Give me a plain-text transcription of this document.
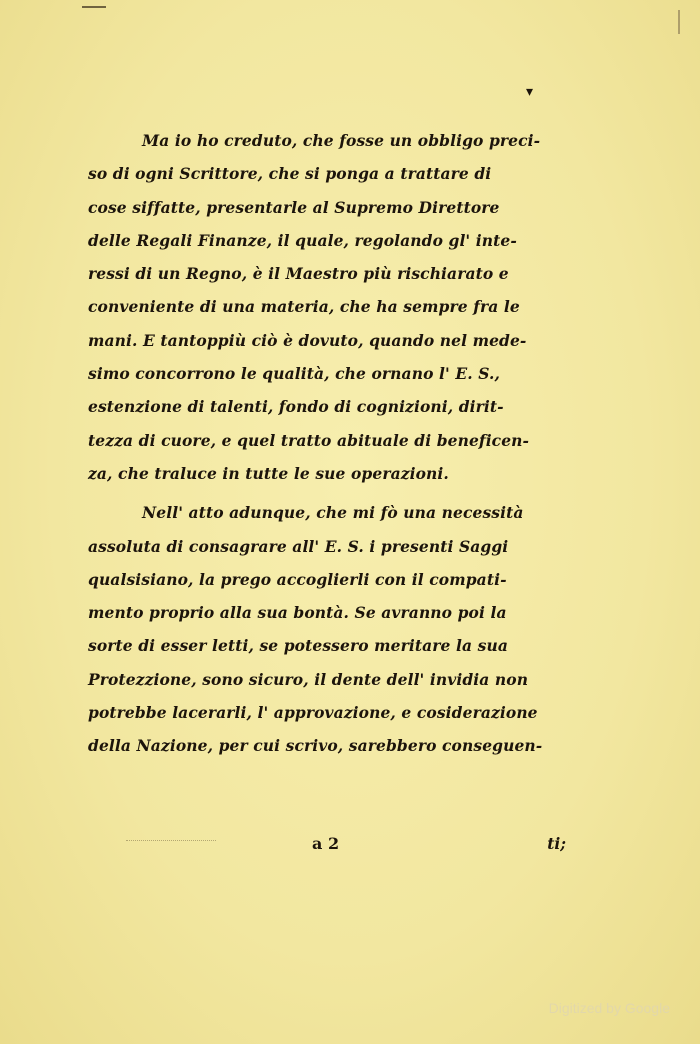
▾
Ma io ho creduto, che fosse un obbligo preci-
so di ogni Scrittore, che si ponga a trattare di
cose siffatte, presentarle al Supremo Direttore
delle Regali Finanze, il quale, regolando gl' inte-
ressi di un Regno, è il Maestro più rischiarato e
conveniente di una materia, che ha sempre fra le
mani. E tantoppiù ciò è dovuto, quando nel mede-
simo concorrono le qualità, che ornano l' E. S.,
estenzione di talenti, fondo di cognizioni, dirit-
tezza di cuore, e quel tratto abituale di beneficen-
za, che traluce in tutte le sue operazioni.
Nell' atto adunque, che mi fò una necessità
assoluta di consagrare all' E. S. i presenti Saggi
qualsisiano, la prego accoglierli con il compati-
mento proprio alla sua bontà. Se avranno poi la
sorte di esser letti, se potessero meritare la sua
Protezzione, sono sicuro, il dente dell' invidia non
potrebbe lacerarli, l' approvazione, e cosiderazione
della Nazione, per cui scrivo, sarebbero conseguen-
a 2	ti;
Digitized by Google
